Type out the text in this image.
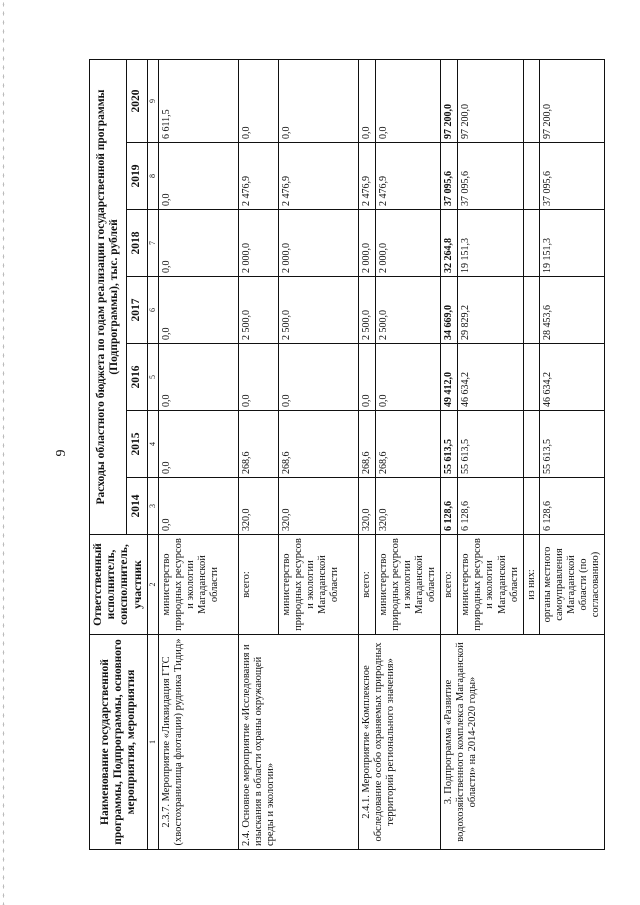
9
Наименование государственной программы, Подпрограммы, основного мероприятия, мероприятия	Ответственный исполнитель, соисполнитель, участник	Расходы областного бюджета по годам реализации государственной программы (Подпрограммы), тыс. рублей						
		2014	2015	2016	2017	2018	2019	2020
1	2	3	4	5	6	7	8	9
2.3.7. Мероприятие «Ликвидация ГТС (хвостохранилища флотации) рудника Тидид»	министерство природных ресурсов и экологии Магаданской области	0,0	0,0	0,0	0,0	0,0	0,0	6 611,5
2.4. Основное мероприятие «Исследования и изыскания в области охраны окружающей среды и экологии»	всего:	320,0	268,6	0,0	2 500,0	2 000,0	2 476,9	0,0
	министерство природных ресурсов и экологии Магаданской области	320,0	268,6	0,0	2 500,0	2 000,0	2 476,9	0,0
2.4.1. Мероприятие «Комплексное обследование особо охраняемых природных территорий регионального значения»	всего:	320,0	268,6	0,0	2 500,0	2 000,0	2 476,9	0,0
	министерство природных ресурсов и экологии Магаданской области	320,0	268,6	0,0	2 500,0	2 000,0	2 476,9	0,0
3. Подпрограмма «Развитие водохозяйственного комплекса Магаданской области» на 2014-2020 годы»	всего:	6 128,6	55 613,5	49 412,0	34 669,0	32 264,8	37 095,6	97 200,0
	министерство природных ресурсов и экологии Магаданской области	6 128,6	55 613,5	46 634,2	29 829,2	19 151,3	37 095,6	97 200,0
	из них:							
	органы местного самоуправления Магаданской области (по согласованию)	6 128,6	55 613,5	46 634,2	28 453,6	19 151,3	37 095,6	97 200,0
